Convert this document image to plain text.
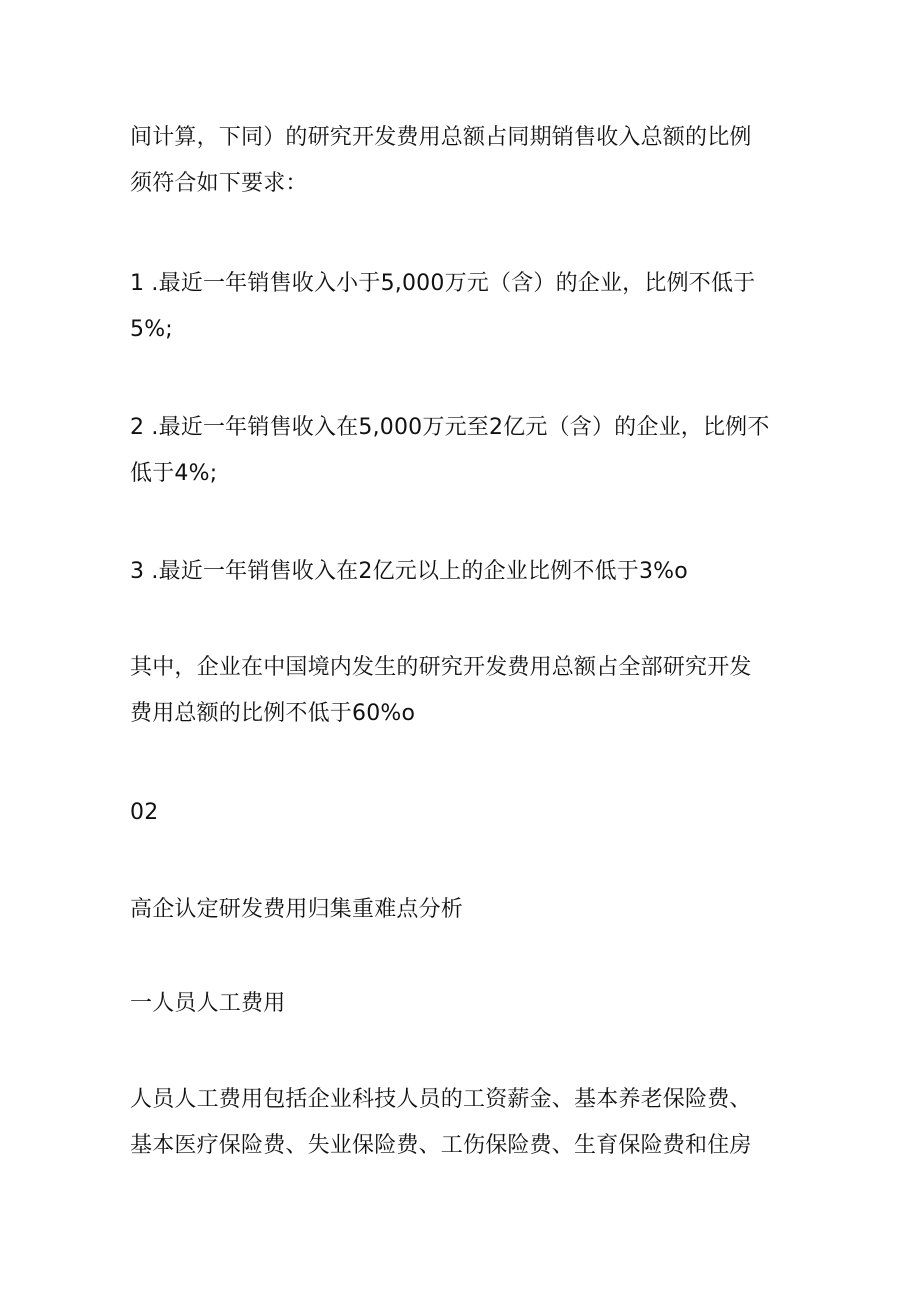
间计算，下同）的研究开发费用总额占同期销售收入总额的比例
须符合如下要求：

1 .最近一年销售收入小于5,000万元（含）的企业，比例不低于
5%;

2 .最近一年销售收入在5,000万元至2亿元（含）的企业，比例不
低于4%;

3 .最近一年销售收入在2亿元以上的企业比例不低于3%o

其中，企业在中国境内发生的研究开发费用总额占全部研究开发
费用总额的比例不低于60%o

02

高企认定研发费用归集重难点分析

一人员人工费用

人员人工费用包括企业科技人员的工资薪金、基本养老保险费、
基本医疗保险费、失业保险费、工伤保险费、生育保险费和住房
